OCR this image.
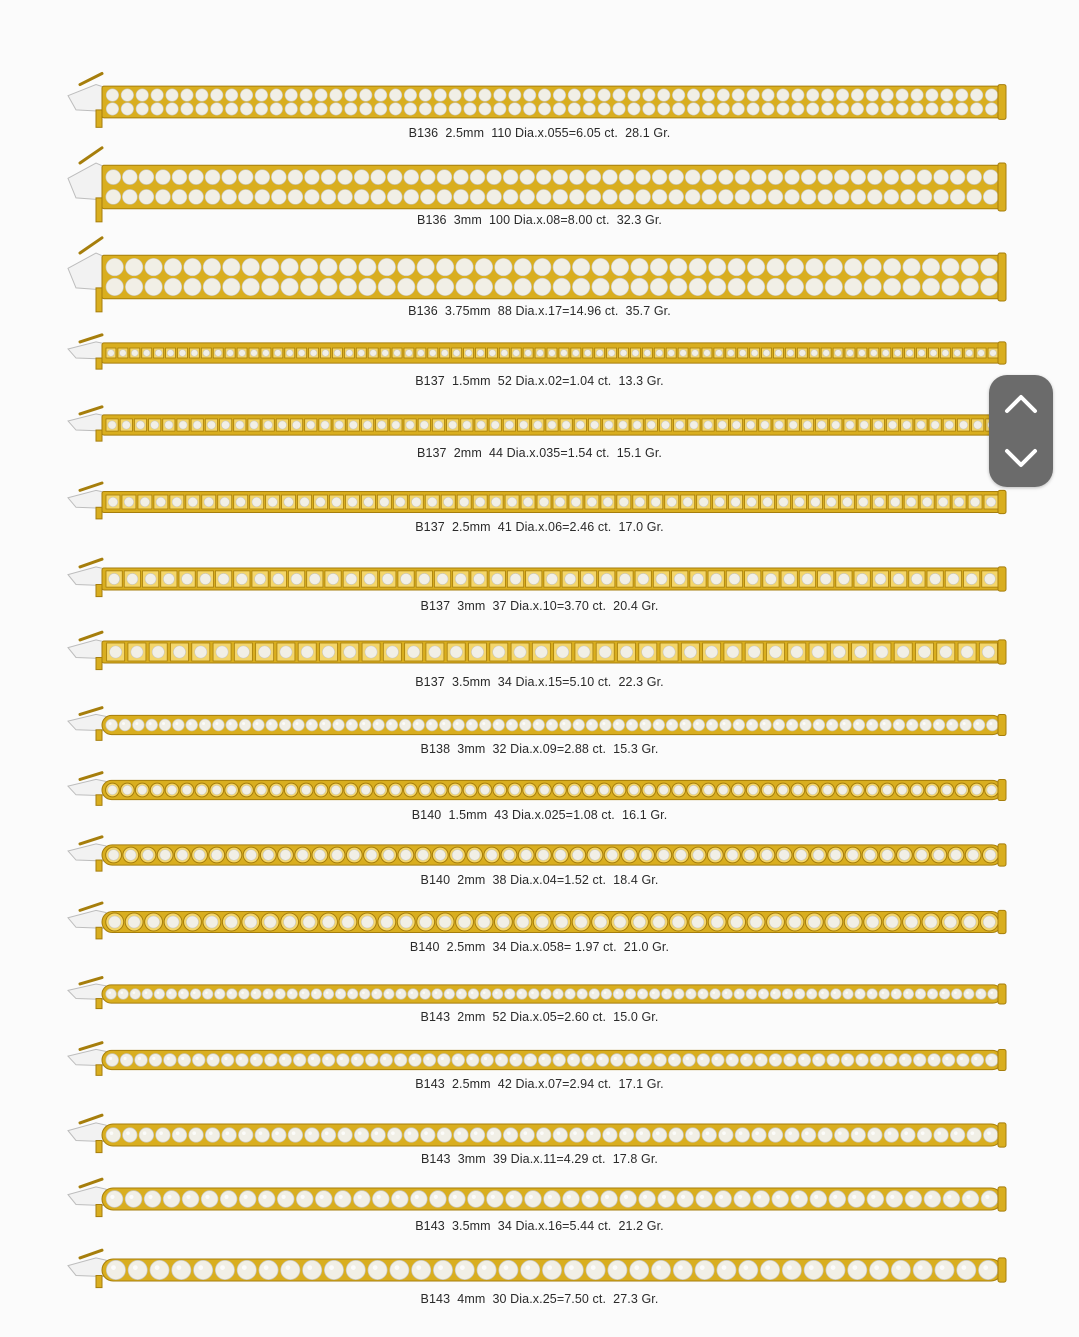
B136  2.5mm  110 Dia.x.055=6.05 ct.  28.1 Gr.
B136  3mm  100 Dia.x.08=8.00 ct.  32.3 Gr.
B136  3.75mm  88 Dia.x.17=14.96 ct.  35.7 Gr.
B137  1.5mm  52 Dia.x.02=1.04 ct.  13.3 Gr.
B137  2mm  44 Dia.x.035=1.54 ct.  15.1 Gr.
B137  2.5mm  41 Dia.x.06=2.46 ct.  17.0 Gr.
B137  3mm  37 Dia.x.10=3.70 ct.  20.4 Gr.
B137  3.5mm  34 Dia.x.15=5.10 ct.  22.3 Gr.
B138  3mm  32 Dia.x.09=2.88 ct.  15.3 Gr.
B140  1.5mm  43 Dia.x.025=1.08 ct.  16.1 Gr.
B140  2mm  38 Dia.x.04=1.52 ct.  18.4 Gr.
B140  2.5mm  34 Dia.x.058= 1.97 ct.  21.0 Gr.
B143  2mm  52 Dia.x.05=2.60 ct.  15.0 Gr.
B143  2.5mm  42 Dia.x.07=2.94 ct.  17.1 Gr.
B143  3mm  39 Dia.x.11=4.29 ct.  17.8 Gr.
B143  3.5mm  34 Dia.x.16=5.44 ct.  21.2 Gr.
B143  4mm  30 Dia.x.25=7.50 ct.  27.3 Gr.
